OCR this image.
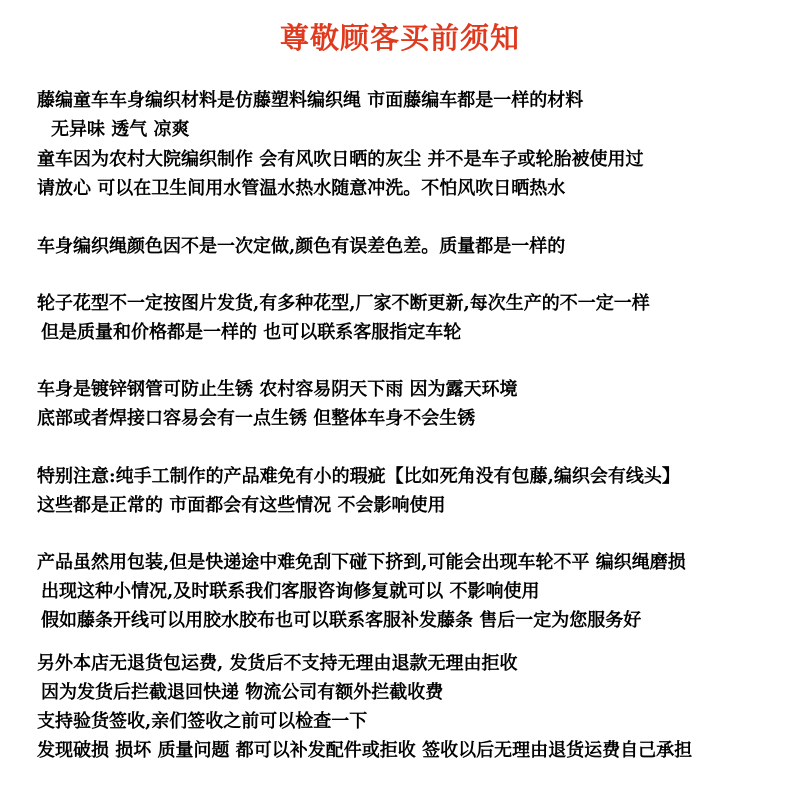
尊敬顾客买前须知
藤编童车车身编织材料是仿藤塑料编织绳 市面藤编车都是一样的材料
无异味 透气 凉爽
童车因为农村大院编织制作 会有风吹日晒的灰尘 并不是车子或轮胎被使用过
请放心 可以在卫生间用水管温水热水随意冲洗。不怕风吹日晒热水
车身编织绳颜色因不是一次定做,颜色有误差色差。质量都是一样的
轮子花型不一定按图片发货,有多种花型,厂家不断更新,每次生产的不一定一样
但是质量和价格都是一样的 也可以联系客服指定车轮
车身是镀锌钢管可防止生锈 农村容易阴天下雨 因为露天环境
底部或者焊接口容易会有一点生锈 但整体车身不会生锈
特别注意:纯手工制作的产品难免有小的瑕疵【比如死角没有包藤,编织会有线头】
这些都是正常的 市面都会有这些情况 不会影响使用
产品虽然用包装,但是快递途中难免刮下碰下挤到,可能会出现车轮不平 编织绳磨损
出现这种小情况,及时联系我们客服咨询修复就可以 不影响使用
假如藤条开线可以用胶水胶布也可以联系客服补发藤条 售后一定为您服务好
另外本店无退货包运费, 发货后不支持无理由退款无理由拒收
因为发货后拦截退回快递 物流公司有额外拦截收费
支持验货签收,亲们签收之前可以检查一下
发现破损 损坏 质量问题 都可以补发配件或拒收 签收以后无理由退货运费自己承担
